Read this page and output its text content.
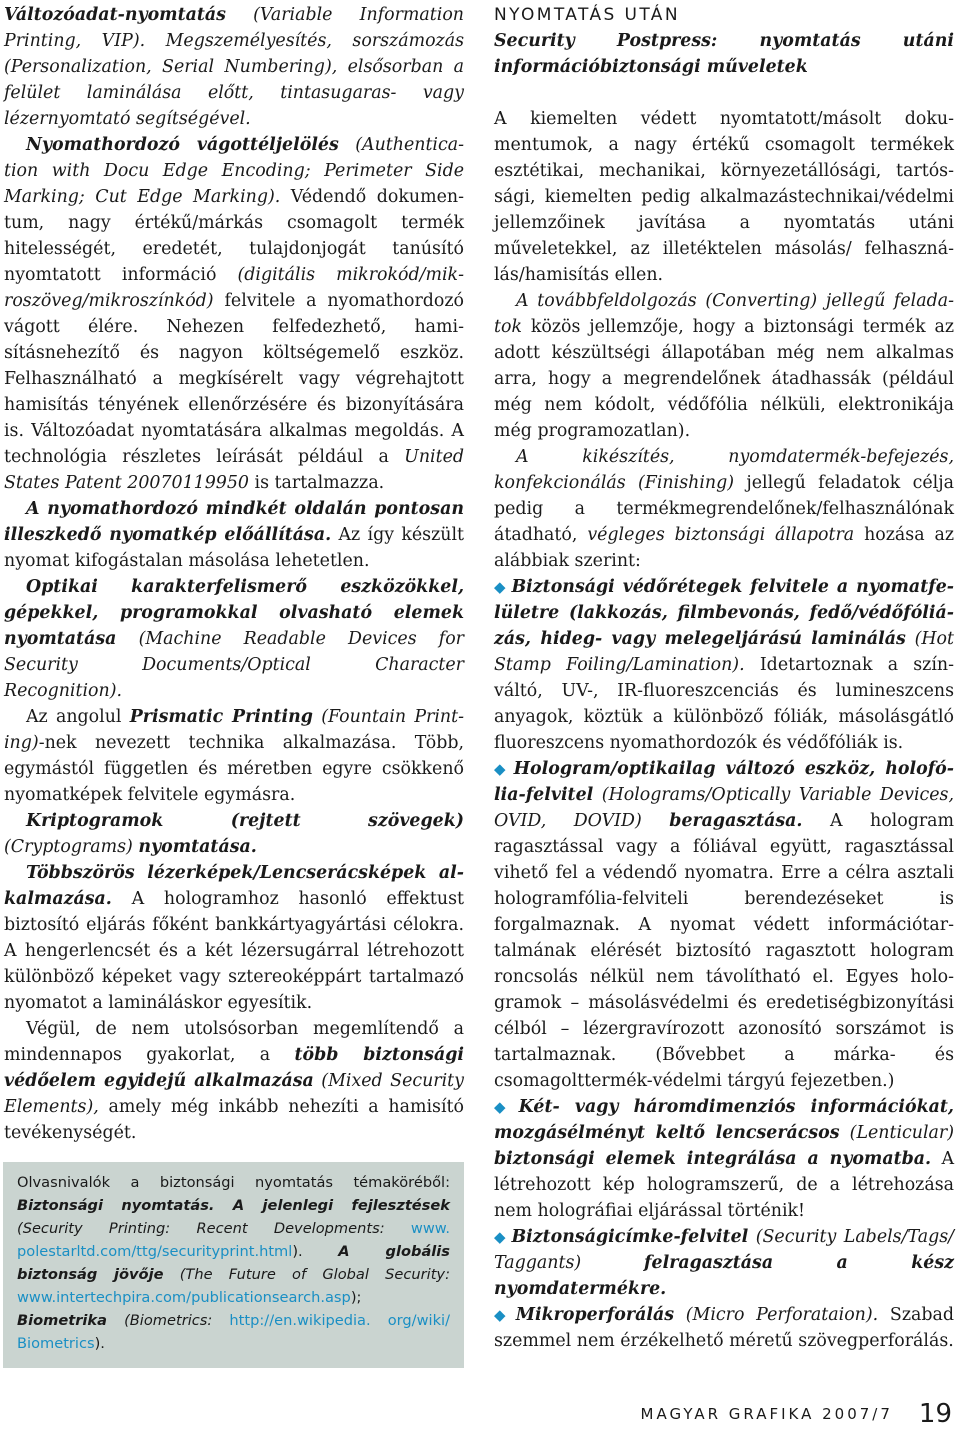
Változóadat-nyomtatás (Variable Information Printing, VIP). Megszemélyesítés, sorszámozás (Personalization, Serial Numbering), elsősorban a felület laminálása előtt, tintasugaras- vagy lézernyomtató segítségével.

Nyomathordozó vágottéljelölés (Authentication with Docu Edge Encoding; Perimeter Side Marking; Cut Edge Marking). Védendő dokumentum, nagy értékű/márkás csomagolt termék hitelességét, eredetét, tulajdonjogát tanúsító nyomtatott információ (digitális mikrokód/mikroszöveg/mikroszínkód) felvitele a nyomathordozó vágott élére. Nehezen felfedezhető, hamisításnehezítő és nagyon költségemelő eszköz. Felhasználható a megkísérelt vagy végrehajtott hamisítás tényének ellenőrzésére és bizonyítására is. Változóadat nyomtatására alkalmas megoldás. A technológia részletes leírását például a United States Patent 20070119950 is tartalmazza.

A nyomathordozó mindkét oldalán pontosan illeszkedő nyomatkép előállítása. Az így készült nyomat kifogástalan másolása lehetetlen.

Optikai karakterfelismerő eszközökkel, gépekkel, programokkal olvasható elemek nyomtatása (Machine Readable Devices for Security Documents/Optical Character Recognition).

Az angolul Prismatic Printing (Fountain Printing)-nek nevezett technika alkalmazása. Több, egymástól független és méretben egyre csökkenő nyomatképek felvitele egymásra.

Kriptogramok (rejtett szövegek) (Cryptograms) nyomtatása.

Többszörös lézerképek/Lencserácsképek alkalmazása. A hologramhoz hasonló effektust biztosító eljárás főként bankkártyagyártási célokra. A hengerlencsét és a két lézersugárral létrehozott különböző képeket vagy sztereoképpárt tartalmazó nyomatot a lamináláskor egyesítik.

Végül, de nem utolsósorban megemlítendő a mindennapos gyakorlat, a több biztonsági védőelem egyidejű alkalmazása (Mixed Security Elements), amely még inkább nehezíti a hamisító tevékenységét.

Olvasnivalók a biztonsági nyomtatás témaköréből: Biztonsági nyomtatás. A jelenlegi fejlesztések (Security Printing: Recent Developments: www. polestarltd.com/ttg/securityprint.html). A globális biztonság jövője (The Future of Global Security: www.intertechpira.com/publicationsearch.asp); Biometrika (Biometrics: http://en.wikipedia. org/wiki/ Biometrics).

NYOMTATÁS UTÁN

Security Postpress: nyomtatás utáni információbiztonsági műveletek

A kiemelten védett nyomtatott/másolt dokumentumok, a nagy értékű csomagolt termékek esztétikai, mechanikai, környezetállósági, tartóssági, kiemelten pedig alkalmazástechnikai/védelmi jellemzőinek javítása a nyomtatás utáni műveletekkel, az illetéktelen másolás/ felhasználás/hamisítás ellen.

A továbbfeldolgozás (Converting) jellegű feladatok közös jellemzője, hogy a biztonsági termék az adott készültségi állapotában még nem alkalmas arra, hogy a megrendelőnek átadhassák (például még nem kódolt, védőfólia nélküli, elektronikája még programozatlan).

A kikészítés, nyomdatermék-befejezés, konfekcionálás (Finishing) jellegű feladatok célja pedig a termékmegrendelőnek/felhasználónak átadható, végleges biztonsági állapotra hozása az alábbiak szerint:

◆ Biztonsági védőrétegek felvitele a nyomatfelületre (lakkozás, filmbevonás, fedő/védőfóliázás, hideg- vagy melegeljárású laminálás (Hot Stamp Foiling/Lamination). Idetartoznak a színváltó, UV-, IR-fluoreszcenciás és lumineszcens anyagok, köztük a különböző fóliák, másolásgátló fluoreszcens nyomathordozók és védőfóliák is.

◆ Hologram/optikailag változó eszköz, holofólia-felvitel (Holograms/Optically Variable Devices, OVID, DOVID) beragasztása. A hologram ragasztással vagy a fóliával együtt, ragasztással vihető fel a védendő nyomatra. Erre a célra asztali hologramfólia-felviteli berendezéseket is forgalmaznak. A nyomat védett információtartalmának elérését biztosító ragasztott hologram roncsolás nélkül nem távolítható el. Egyes hologramok – másolásvédelmi és eredetiségbizonyítási célból – lézergravírozott azonosító sorszámot is tartalmaznak. (Bővebbet a márka- és csomagolttermék-védelmi tárgyú fejezetben.)

◆ Két- vagy háromdimenziós információkat, mozgásélményt keltő lencserácsos (Lenticular) biztonsági elemek integrálása a nyomatba. A létrehozott kép hologramszerű, de a létrehozása nem holográfiai eljárással történik!

◆ Biztonságicímke-felvitel (Security Labels/Tags/ Taggants) felragasztása a kész nyomdatermékre.

◆ Mikroperforálás (Micro Perforataion). Szabad szemmel nem érzékelhető méretű szövegperforálás.

MAGYAR GRAFIKA 2007/7 19
